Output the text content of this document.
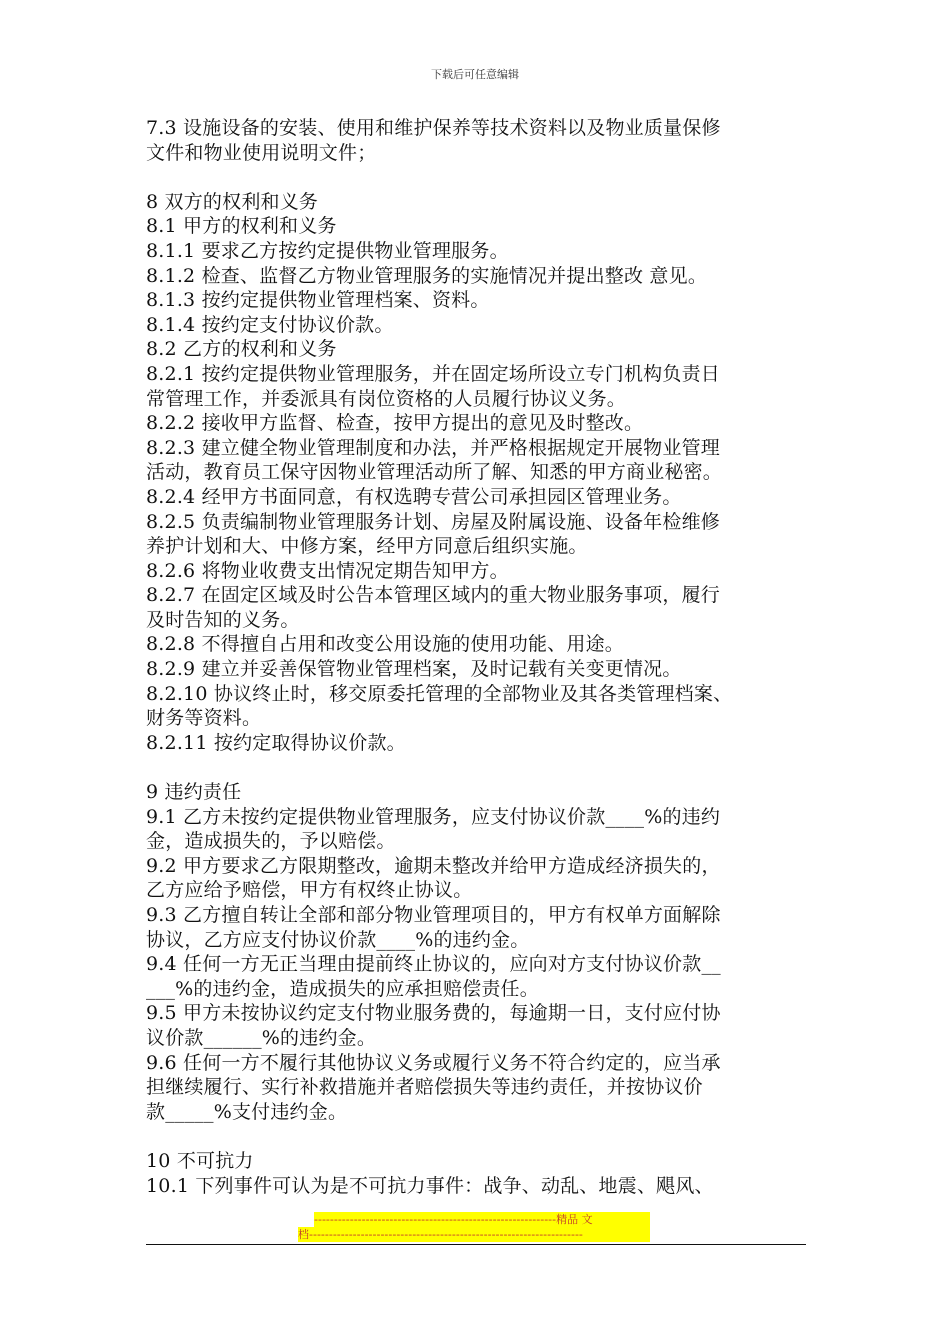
下载后可任意编辑
7.3 设施设备的安装、使用和维护保养等技术资料以及物业质量保修
文件和物业使用说明文件；
8 双方的权利和义务
8.1 甲方的权利和义务
8.1.1 要求乙方按约定提供物业管理服务。
8.1.2 检查、监督乙方物业管理服务的实施情况并提出整改 意见。
8.1.3 按约定提供物业管理档案、资料。
8.1.4 按约定支付协议价款。
8.2 乙方的权利和义务
8.2.1 按约定提供物业管理服务，并在固定场所设立专门机构负责日
常管理工作，并委派具有岗位资格的人员履行协议义务。
8.2.2 接收甲方监督、检查，按甲方提出的意见及时整改。
8.2.3 建立健全物业管理制度和办法，并严格根据规定开展物业管理
活动，教育员工保守因物业管理活动所了解、知悉的甲方商业秘密。
8.2.4 经甲方书面同意，有权选聘专营公司承担园区管理业务。
8.2.5 负责编制物业管理服务计划、房屋及附属设施、设备年检维修
养护计划和大、中修方案，经甲方同意后组织实施。
8.2.6 将物业收费支出情况定期告知甲方。
8.2.7 在固定区域及时公告本管理区域内的重大物业服务事项，履行
及时告知的义务。
8.2.8 不得擅自占用和改变公用设施的使用功能、用途。
8.2.9 建立并妥善保管物业管理档案，及时记载有关变更情况。
8.2.10 协议终止时，移交原委托管理的全部物业及其各类管理档案、
财务等资料。
8.2.11 按约定取得协议价款。
9 违约责任
9.1 乙方未按约定提供物业管理服务，应支付协议价款____%的违约
金，造成损失的，予以赔偿。
9.2 甲方要求乙方限期整改，逾期未整改并给甲方造成经济损失的，
乙方应给予赔偿，甲方有权终止协议。
9.3 乙方擅自转让全部和部分物业管理项目的，甲方有权单方面解除
协议，乙方应支付协议价款____%的违约金。
9.4 任何一方无正当理由提前终止协议的，应向对方支付协议价款__
___%的违约金，造成损失的应承担赔偿责任。
9.5 甲方未按协议约定支付物业服务费的，每逾期一日，支付应付协
议价款______%的违约金。
9.6 任何一方不履行其他协议义务或履行义务不符合约定的，应当承
担继续履行、实行补救措施并者赔偿损失等违约责任，并按协议价
款_____%支付违约金。
10 不可抗力
10.1 下列事件可认为是不可抗力事件：战争、动乱、地震、飓风、
-------------------------------------------------------------精品 文
档---------------------------------------------------------------------
